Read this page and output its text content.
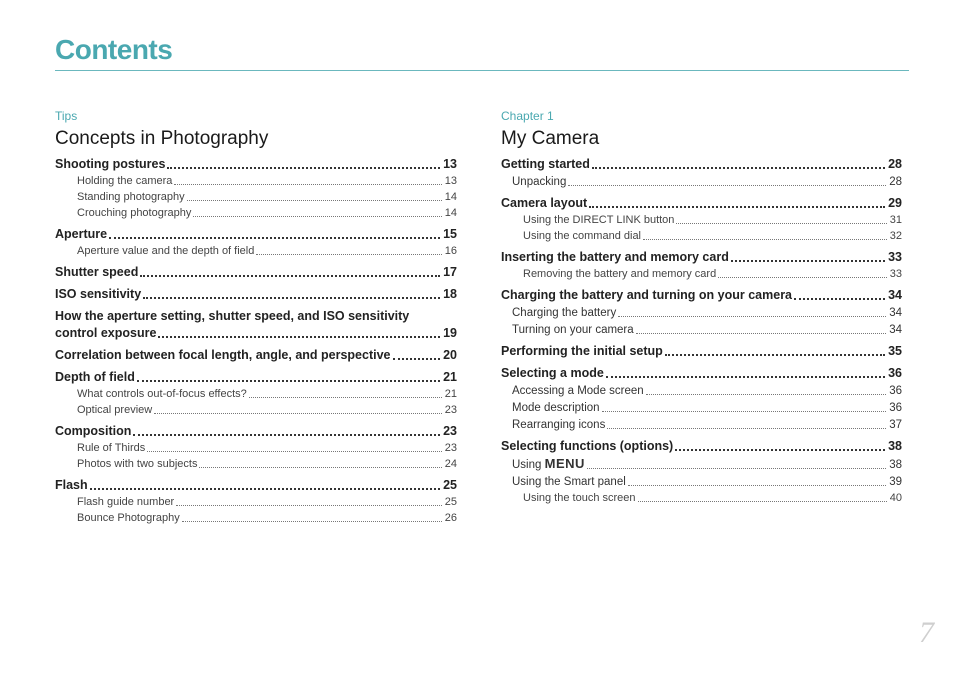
Contents
Tips
Concepts in Photography
Shooting postures	13
Holding the camera	13
Standing photography	14
Crouching photography	14
Aperture	15
Aperture value and the depth of field	16
Shutter speed	17
ISO sensitivity	18
How the aperture setting, shutter speed, and ISO sensitivity
control exposure	19
Correlation between focal length, angle, and perspective	20
Depth of field	21
What controls out-of-focus effects?	21
Optical preview	23
Composition	23
Rule of Thirds	23
Photos with two subjects	24
Flash	25
Flash guide number	25
Bounce Photography	26
Chapter 1
My Camera
Getting started	28
Unpacking	28
Camera layout	29
Using the DIRECT LINK button	31
Using the command dial	32
Inserting the battery and memory card	33
Removing the battery and memory card	33
Charging the battery and turning on your camera	34
Charging the battery	34
Turning on your camera	34
Performing the initial setup	35
Selecting a mode	36
Accessing a Mode screen	36
Mode description	36
Rearranging icons	37
Selecting functions (options)	38
Using MENU	38
Using the Smart panel	39
Using the touch screen	40
7
